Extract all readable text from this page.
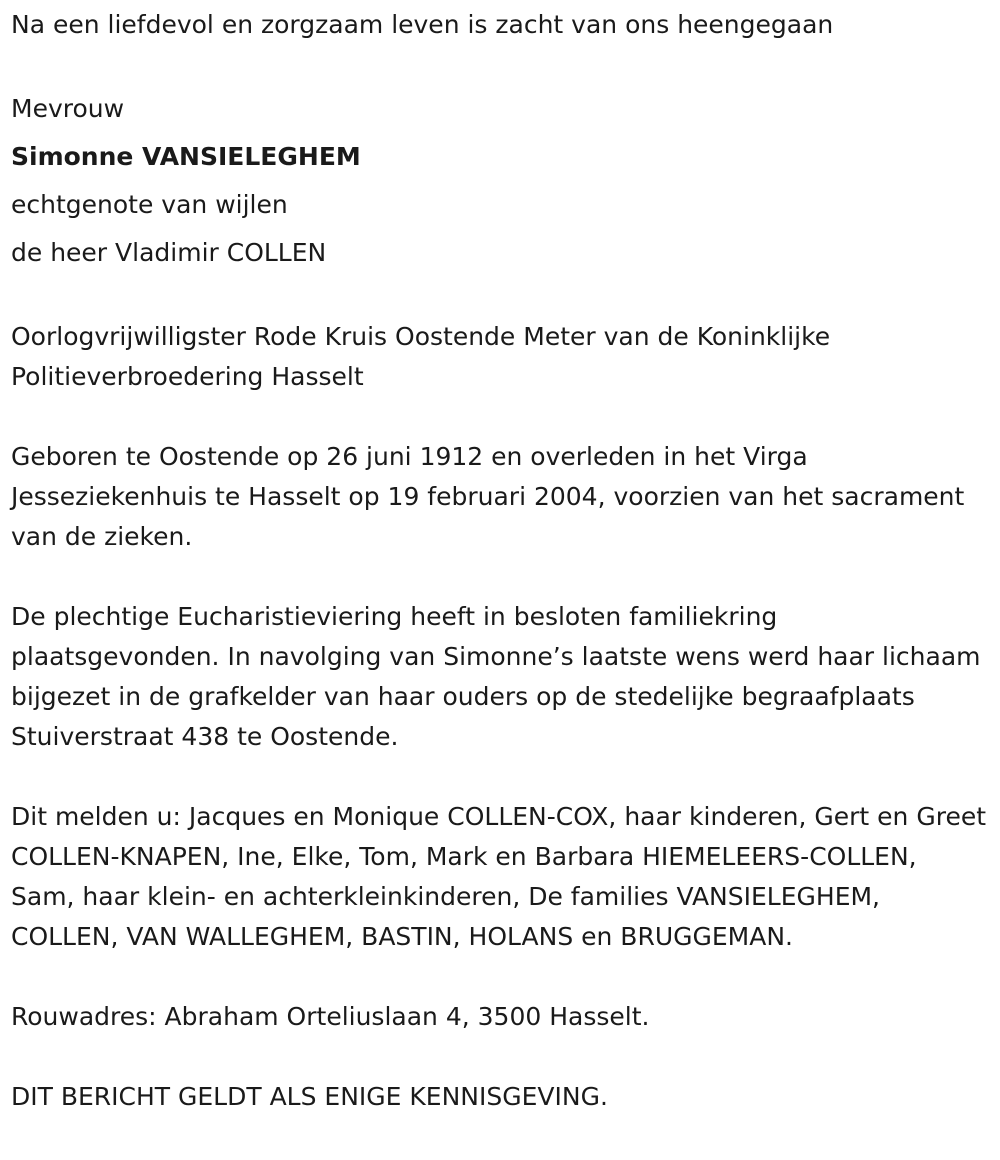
Na een liefdevol en zorgzaam leven is zacht van ons heengegaan

Mevrouw

Simonne VANSIELEGHEM

echtgenote van wijlen

de heer Vladimir COLLEN

Oorlogvrijwilligster Rode Kruis Oostende Meter van de Koninklijke Politieverbroedering Hasselt

Geboren te Oostende op 26 juni 1912 en overleden in het Virga Jesseziekenhuis te Hasselt op 19 februari 2004, voorzien van het sacrament van de zieken.

De plechtige Eucharistieviering heeft in besloten familiekring plaatsgevonden. In navolging van Simonne’s laatste wens werd haar lichaam bijgezet in de grafkelder van haar ouders op de stedelijke begraafplaats Stuiverstraat 438 te Oostende.

Dit melden u: Jacques en Monique COLLEN-COX, haar kinderen, Gert en Greet COLLEN-KNAPEN, Ine, Elke, Tom, Mark en Barbara HIEMELEERS-COLLEN, Sam, haar klein- en achterkleinkinderen, De families VANSIELEGHEM, COLLEN, VAN WALLEGHEM, BASTIN, HOLANS en BRUGGEMAN.

Rouwadres: Abraham Orteliuslaan 4, 3500 Hasselt.

DIT BERICHT GELDT ALS ENIGE KENNISGEVING.
